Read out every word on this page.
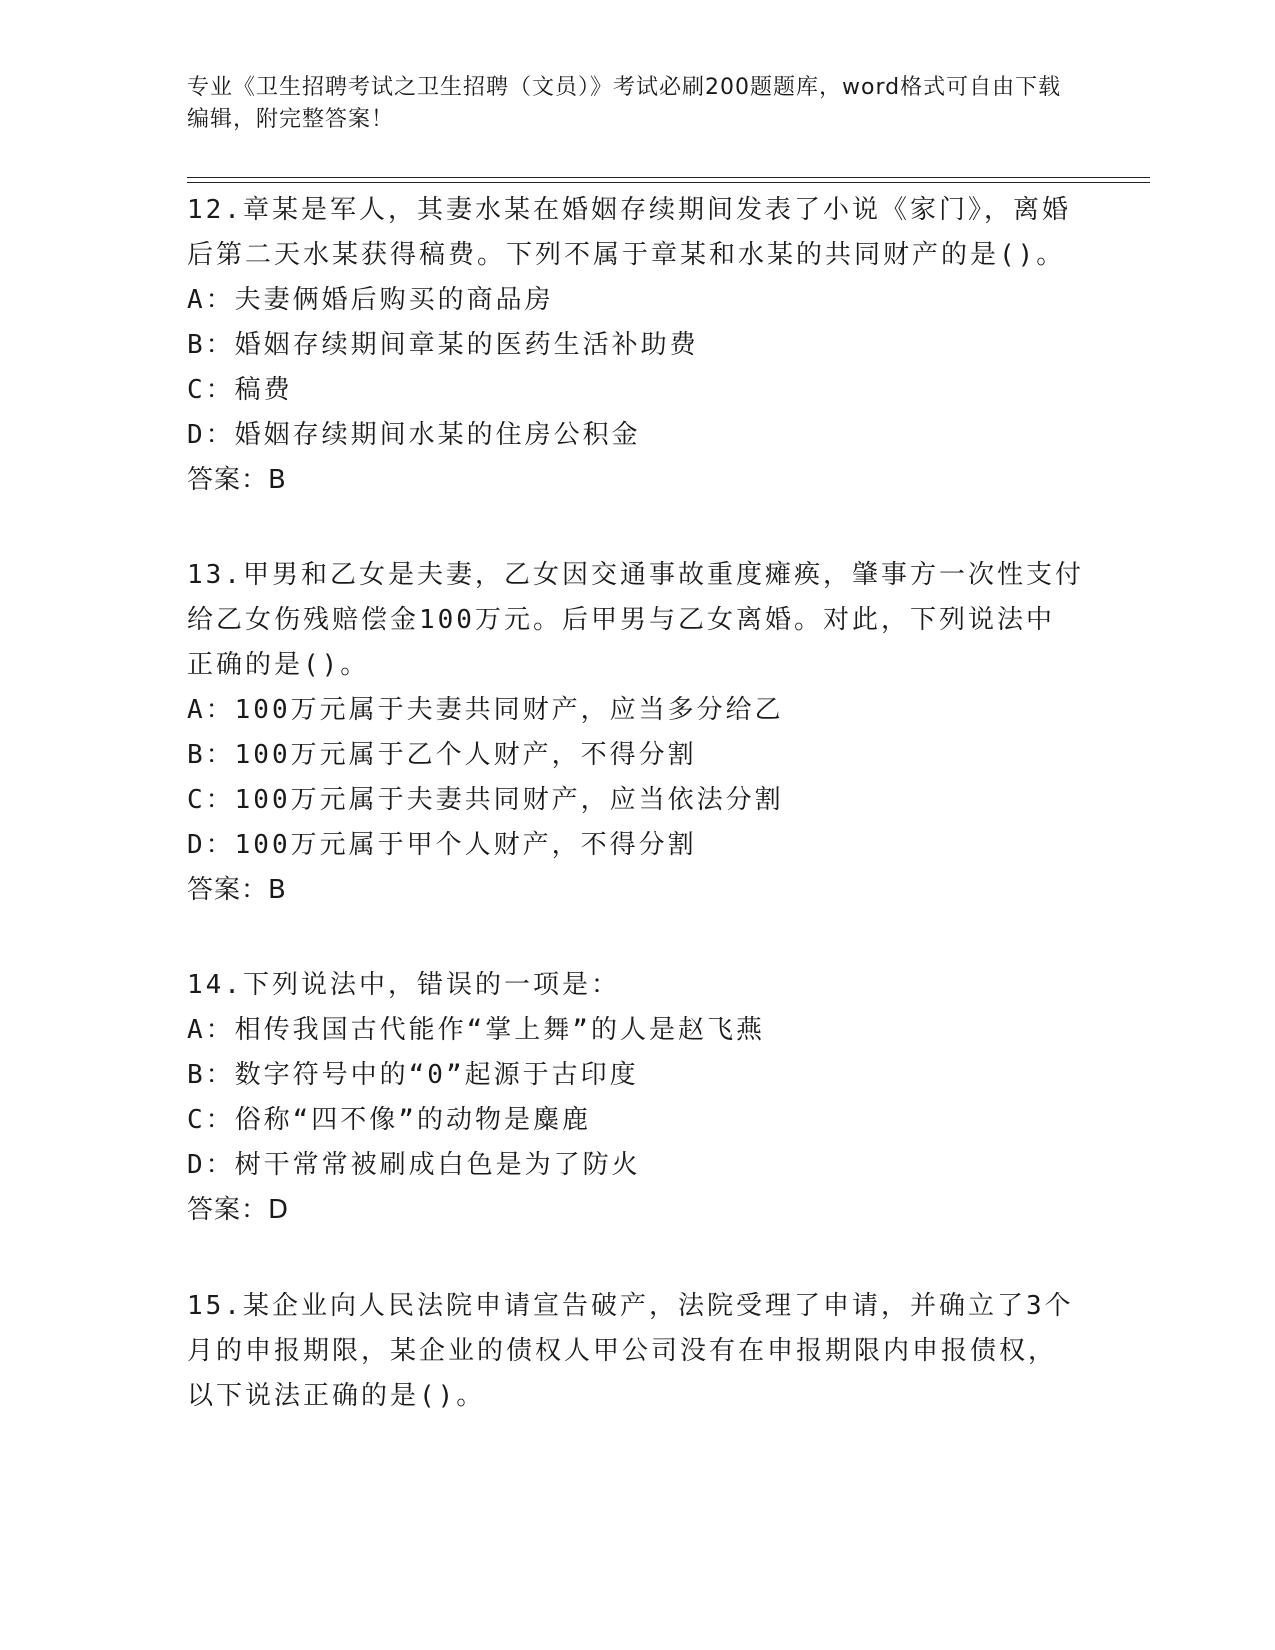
专业《卫生招聘考试之卫生招聘（文员）》考试必刷200题题库，word格式可自由下载编辑，附完整答案！

12.章某是军人，其妻水某在婚姻存续期间发表了小说《家门》，离婚

后第二天水某获得稿费。下列不属于章某和水某的共同财产的是()。

A：夫妻俩婚后购买的商品房

B：婚姻存续期间章某的医药生活补助费

C：稿费

D：婚姻存续期间水某的住房公积金

答案：B

13.甲男和乙女是夫妻，乙女因交通事故重度瘫痪，肇事方一次性支付

给乙女伤残赔偿金100万元。后甲男与乙女离婚。对此，下列说法中

正确的是()。

A：100万元属于夫妻共同财产，应当多分给乙

B：100万元属于乙个人财产，不得分割

C：100万元属于夫妻共同财产，应当依法分割

D：100万元属于甲个人财产，不得分割

答案：B

14.下列说法中，错误的一项是：

A：相传我国古代能作“掌上舞”的人是赵飞燕

B：数字符号中的“0”起源于古印度

C：俗称“四不像”的动物是麋鹿

D：树干常常被刷成白色是为了防火

答案：D

15.某企业向人民法院申请宣告破产，法院受理了申请，并确立了3个

月的申报期限，某企业的债权人甲公司没有在申报期限内申报债权，

以下说法正确的是()。
